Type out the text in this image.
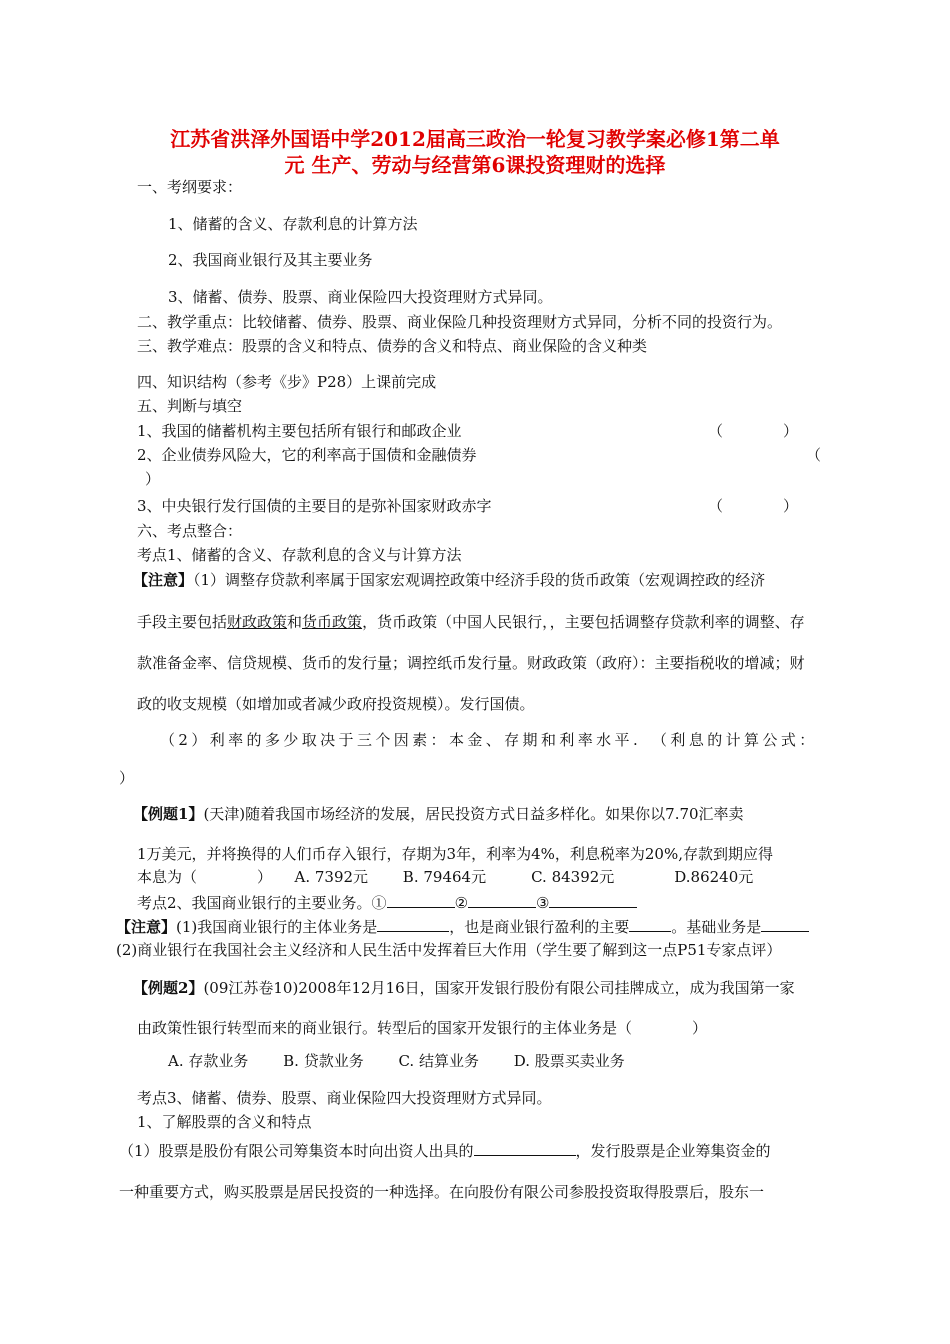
江苏省洪泽外国语中学2012届高三政治一轮复习教学案必修1第二单
元 生产、劳动与经营第6课投资理财的选择
一、考纲要求：
1、储蓄的含义、存款利息的计算方法
2、我国商业银行及其主要业务
3、储蓄、债券、股票、商业保险四大投资理财方式异同。
二、教学重点：比较储蓄、债券、股票、商业保险几种投资理财方式异同，分析不同的投资行为。
三、教学难点：股票的含义和特点、债券的含义和特点、商业保险的含义种类
四、知识结构（参考《步》P28）上课前完成
五、判断与填空
1、我国的储蓄机构主要包括所有银行和邮政企业	（　　　　）
2、企业债券风险大，它的利率高于国债和金融债券	（
）
3、中央银行发行国债的主要目的是弥补国家财政赤字	（　　　　）
六、考点整合：
考点1、储蓄的含义、存款利息的含义与计算方法
【注意】（1）调整存贷款利率属于国家宏观调控政策中经济手段的货币政策（宏观调控政的经济
手段主要包括财政政策和货币政策，货币政策（中国人民银行，，主要包括调整存贷款利率的调整、存
款准备金率、信贷规模、货币的发行量；调控纸币发行量。财政政策（政府）：主要指税收的增减；财
政的收支规模（如增加或者减少政府投资规模）。发行国债。
（2）利率的多少取决于三个因素：本金、存期和利率水平.　（利息的计算公式：
）
【例题1】(天津)随着我国市场经济的发展，居民投资方式日益多样化。如果你以7.70汇率卖
1万美元，并将换得的人们币存入银行，存期为3年，利率为4%，利息税率为20%,存款到期应得
本息为（　　　　）　　A. 7392元　　 B. 79464元　　　C. 84392元　　　　D.86240元
考点2、我国商业银行的主要业务。①	②	③
【注意】(1)我国商业银行的主体业务是	，也是商业银行盈利的主要	。基础业务是
(2)商业银行在我国社会主义经济和人民生活中发挥着巨大作用（学生要了解到这一点P51专家点评）
【例题2】(09江苏卷10)2008年12月16日，国家开发银行股份有限公司挂牌成立，成为我国第一家
由政策性银行转型而来的商业银行。转型后的国家开发银行的主体业务是（　　　　）
A. 存款业务　　 B. 贷款业务　　 C. 结算业务　　 D. 股票买卖业务
考点3、储蓄、债券、股票、商业保险四大投资理财方式异同。
1、了解股票的含义和特点
（1）股票是股份有限公司筹集资本时向出资人出具的	，发行股票是企业筹集资金的
一种重要方式，购买股票是居民投资的一种选择。在向股份有限公司参股投资取得股票后，股东一
